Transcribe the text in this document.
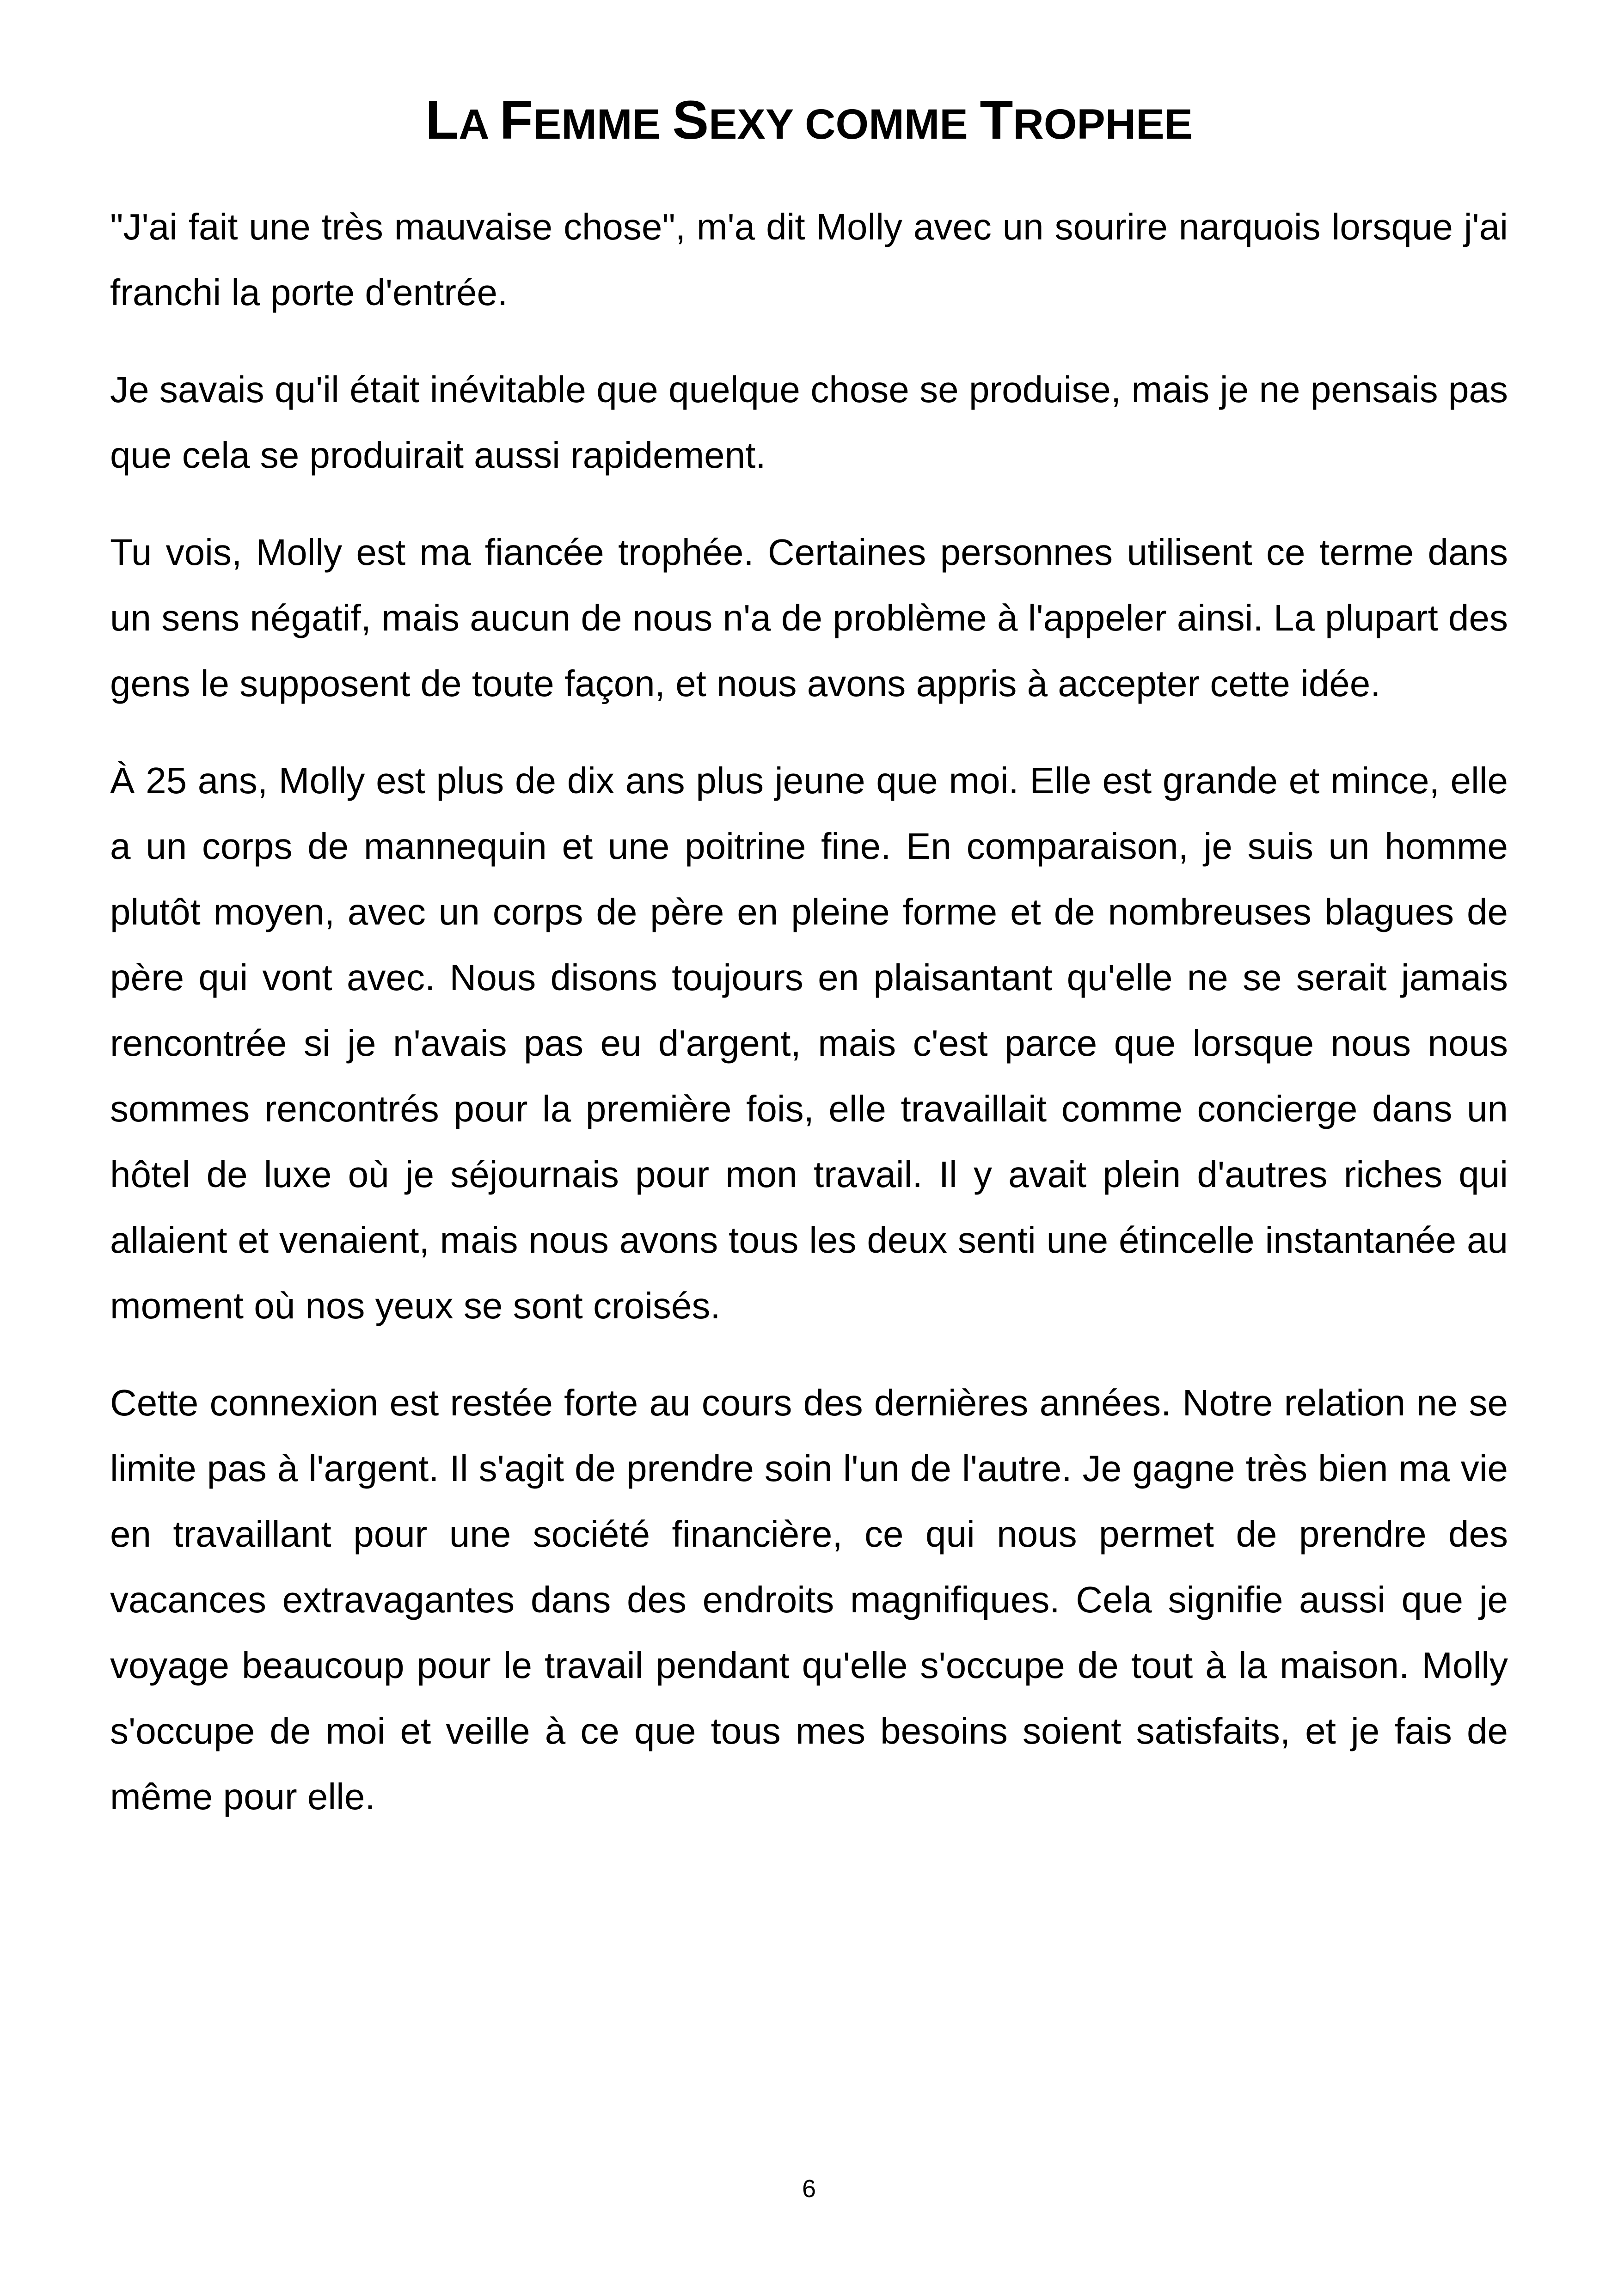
LA FEMME SEXY COMME TROPHEE

"J'ai fait une très mauvaise chose", m'a dit Molly avec un sourire narquois lorsque j'ai franchi la porte d'entrée.

Je savais qu'il était inévitable que quelque chose se produise, mais je ne pensais pas que cela se produirait aussi rapidement.

Tu vois, Molly est ma fiancée trophée. Certaines personnes utilisent ce terme dans un sens négatif, mais aucun de nous n'a de problème à l'appeler ainsi. La plupart des gens le supposent de toute façon, et nous avons appris à accepter cette idée.

À 25 ans, Molly est plus de dix ans plus jeune que moi. Elle est grande et mince, elle a un corps de mannequin et une poitrine fine. En comparaison, je suis un homme plutôt moyen, avec un corps de père en pleine forme et de nombreuses blagues de père qui vont avec. Nous disons toujours en plaisantant qu'elle ne se serait jamais rencontrée si je n'avais pas eu d'argent, mais c'est parce que lorsque nous nous sommes rencontrés pour la première fois, elle travaillait comme concierge dans un hôtel de luxe où je séjournais pour mon travail. Il y avait plein d'autres riches qui allaient et venaient, mais nous avons tous les deux senti une étincelle instantanée au moment où nos yeux se sont croisés.

Cette connexion est restée forte au cours des dernières années. Notre relation ne se limite pas à l'argent. Il s'agit de prendre soin l'un de l'autre. Je gagne très bien ma vie en travaillant pour une société financière, ce qui nous permet de prendre des vacances extravagantes dans des endroits magnifiques. Cela signifie aussi que je voyage beaucoup pour le travail pendant qu'elle s'occupe de tout à la maison. Molly s'occupe de moi et veille à ce que tous mes besoins soient satisfaits, et je fais de même pour elle.

6
